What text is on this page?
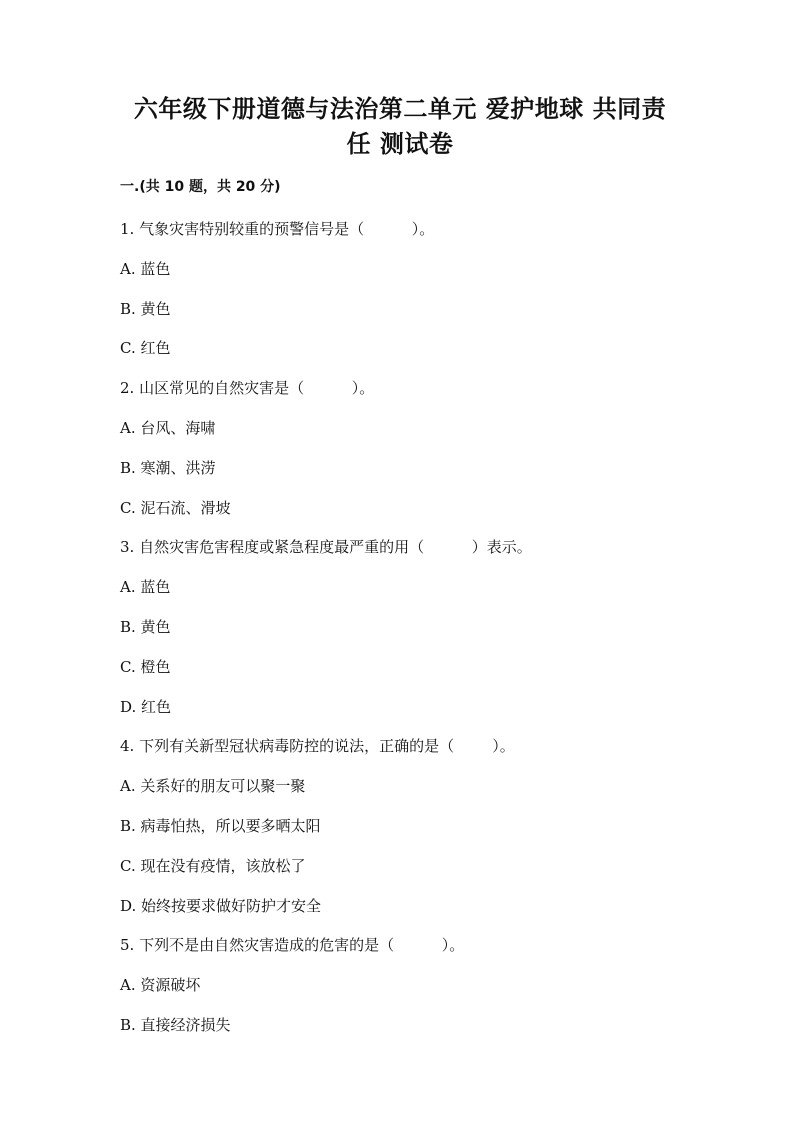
六年级下册道德与法治第二单元 爱护地球 共同责
任 测试卷
一.(共 10 题，共 20 分)
1. 气象灾害特别较重的预警信号是（          ）。
A. 蓝色
B. 黄色
C. 红色
2. 山区常见的自然灾害是（          ）。
A. 台风、海啸
B. 寒潮、洪涝
C. 泥石流、滑坡
3. 自然灾害危害程度或紧急程度最严重的用（          ）表示。
A. 蓝色
B. 黄色
C. 橙色
D. 红色
4. 下列有关新型冠状病毒防控的说法，正确的是（        ）。
A. 关系好的朋友可以聚一聚
B. 病毒怕热，所以要多晒太阳
C. 现在没有疫情，该放松了
D. 始终按要求做好防护才安全
5. 下列不是由自然灾害造成的危害的是（          ）。
A. 资源破坏
B. 直接经济损失
